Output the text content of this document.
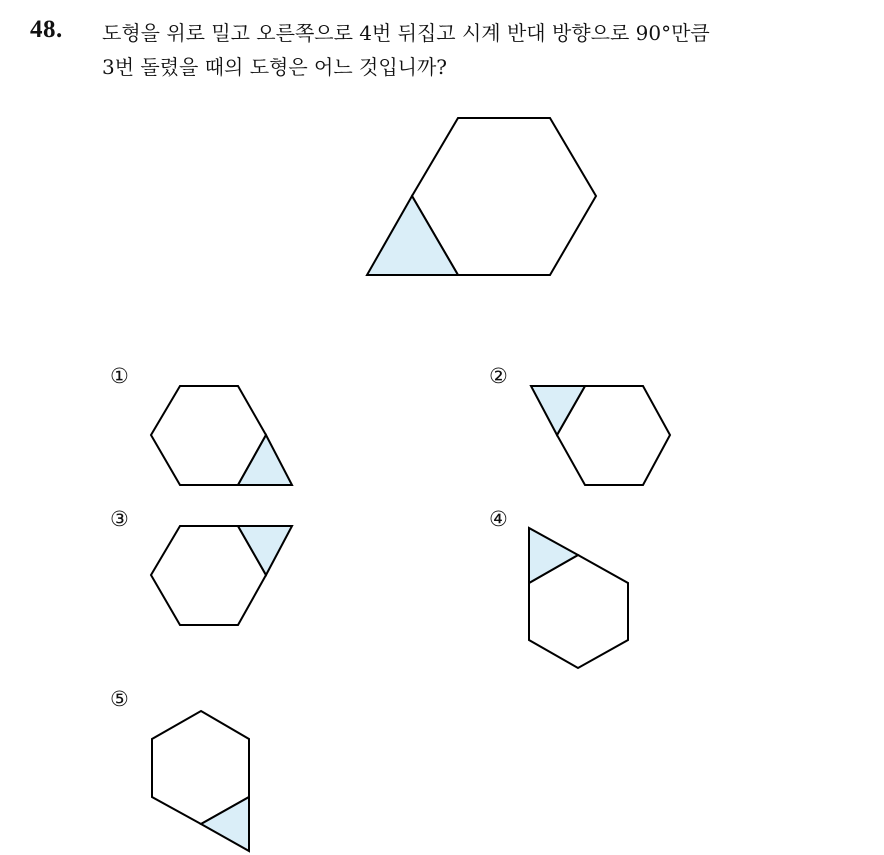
48. 도형을 위로 밀고 오른쪽으로 4번 뒤집고 시계 반대 방향으로 90°만큼
3번 돌렸을 때의 도형은 어느 것입니까?
①	②
③	④
⑤
